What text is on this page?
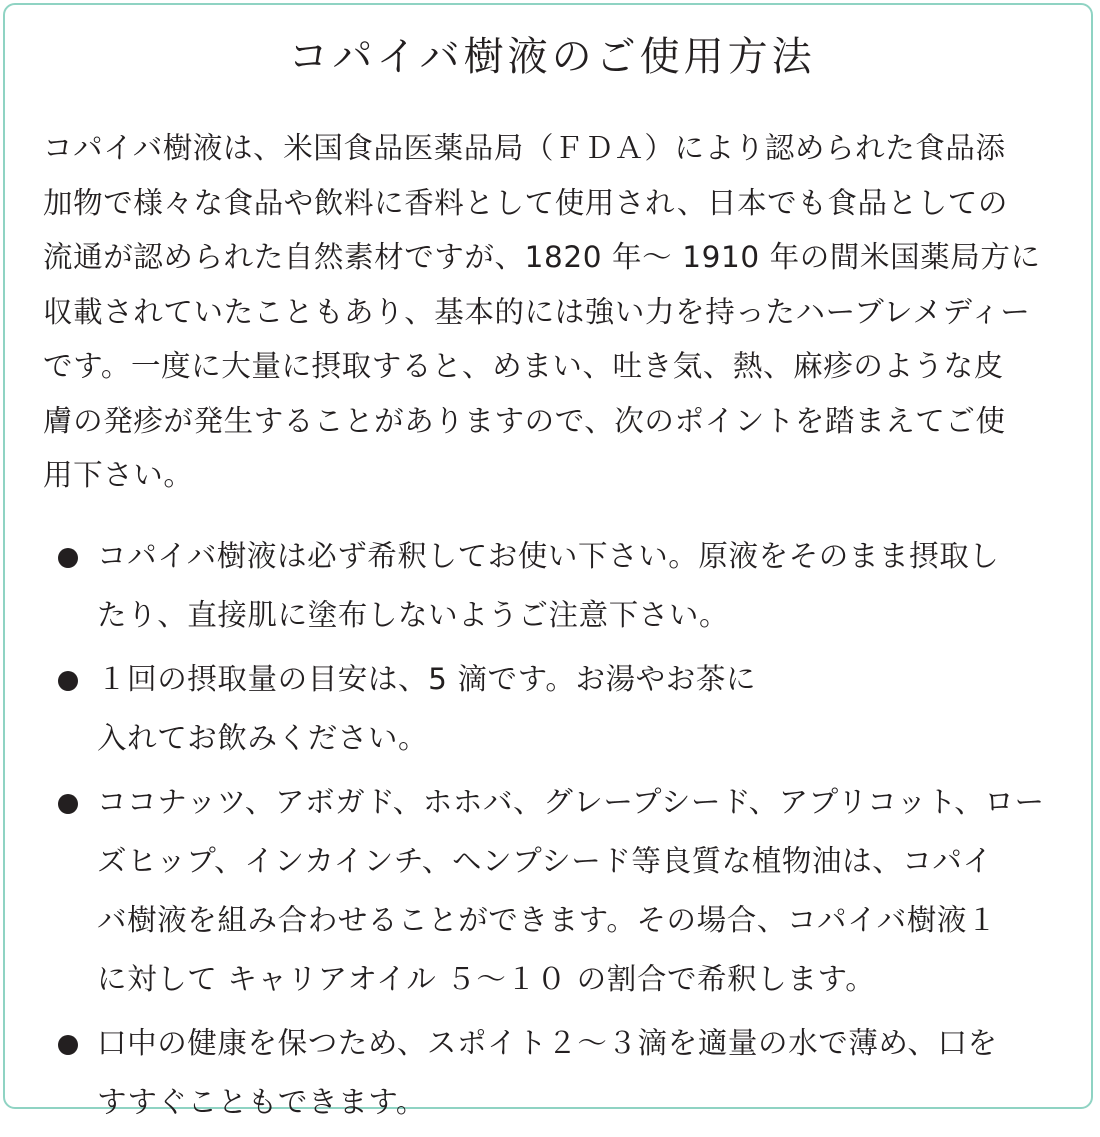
コパイバ樹液のご使用方法
コパイバ樹液は、米国食品医薬品局（ＦＤＡ）により認められた食品添
加物で様々な食品や飲料に香料として使用され、日本でも食品としての
流通が認められた自然素材ですが、1820 年～ 1910 年の間米国薬局方に
収載されていたこともあり、基本的には強い力を持ったハーブレメディー
です。一度に大量に摂取すると、めまい、吐き気、熱、麻疹のような皮
膚の発疹が発生することがありますので、次のポイントを踏まえてご使
用下さい。
コパイバ樹液は必ず希釈してお使い下さい。原液をそのまま摂取し
たり、直接肌に塗布しないようご注意下さい。
１回の摂取量の目安は、5 滴です。お湯やお茶に
入れてお飲みください。
ココナッツ、アボガド、ホホバ、グレープシード、アプリコット、ロー
ズヒップ、インカインチ、ヘンプシード等良質な植物油は、コパイ
バ樹液を組み合わせることができます。その場合、コパイバ樹液１
に対して キャリアオイル ５～１０ の割合で希釈します。
口中の健康を保つため、スポイト２～３滴を適量の水で薄め、口を
すすぐこともできます。
